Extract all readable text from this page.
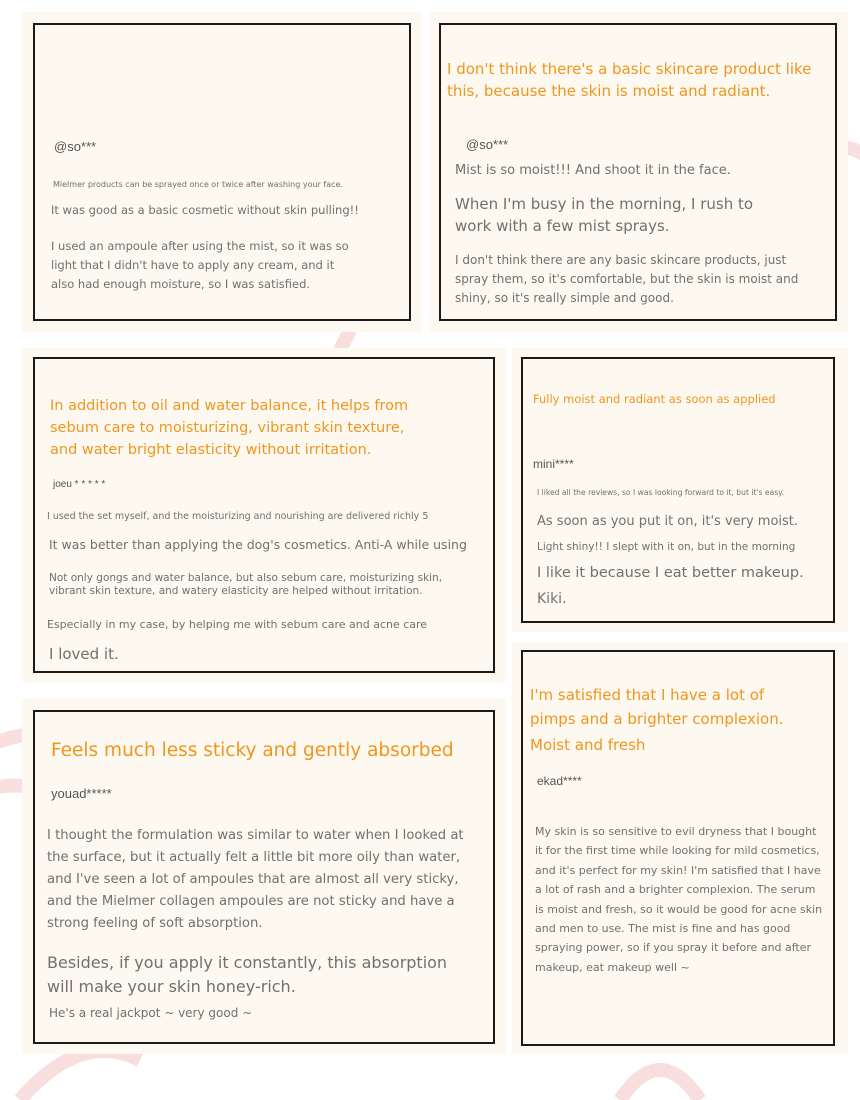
@so***
Mielmer products can be sprayed once or twice after washing your face.
It was good as a basic cosmetic without skin pulling!!
I used an ampoule after using the mist, so it was so light that I didn't have to apply any cream, and it also had enough moisture, so I was satisfied.
I don't think there's a basic skincare product like this, because the skin is moist and radiant.
@so***
Mist is so moist!!! And shoot it in the face.
When I'm busy in the morning, I rush to work with a few mist sprays.
I don't think there are any basic skincare products, just spray them, so it's comfortable, but the skin is moist and shiny, so it's really simple and good.
In addition to oil and water balance, it helps from sebum care to moisturizing, vibrant skin texture, and water bright elasticity without irritation.
joeu * * * * *
I used the set myself, and the moisturizing and nourishing are delivered richly 5
It was better than applying the dog's cosmetics. Anti-A while using
Not only gongs and water balance, but also sebum care, moisturizing skin, vibrant skin texture, and watery elasticity are helped without irritation.
Especially in my case, by helping me with sebum care and acne care
I loved it.
Fully moist and radiant as soon as applied
mini****
I liked all the reviews, so I was looking forward to it, but it's easy.
As soon as you put it on, it's very moist.
Light shiny!! I slept with it on, but in the morning
I like it because I eat better makeup.
Kiki.
Feels much less sticky and gently absorbed
youad*****
I thought the formulation was similar to water when I looked at the surface, but it actually felt a little bit more oily than water, and I've seen a lot of ampoules that are almost all very sticky, and the Mielmer collagen ampoules are not sticky and have a strong feeling of soft absorption.
Besides, if you apply it constantly, this absorption will make your skin honey-rich.
He's a real jackpot ~ very good ~
I'm satisfied that I have a lot of
pimps and a brighter complexion.
Moist and fresh
ekad****
My skin is so sensitive to evil dryness that I bought it for the first time while looking for mild cosmetics, and it's perfect for my skin! I'm satisfied that I have a lot of rash and a brighter complexion. The serum is moist and fresh, so it would be good for acne skin and men to use. The mist is fine and has good spraying power, so if you spray it before and after makeup, eat makeup well ~
